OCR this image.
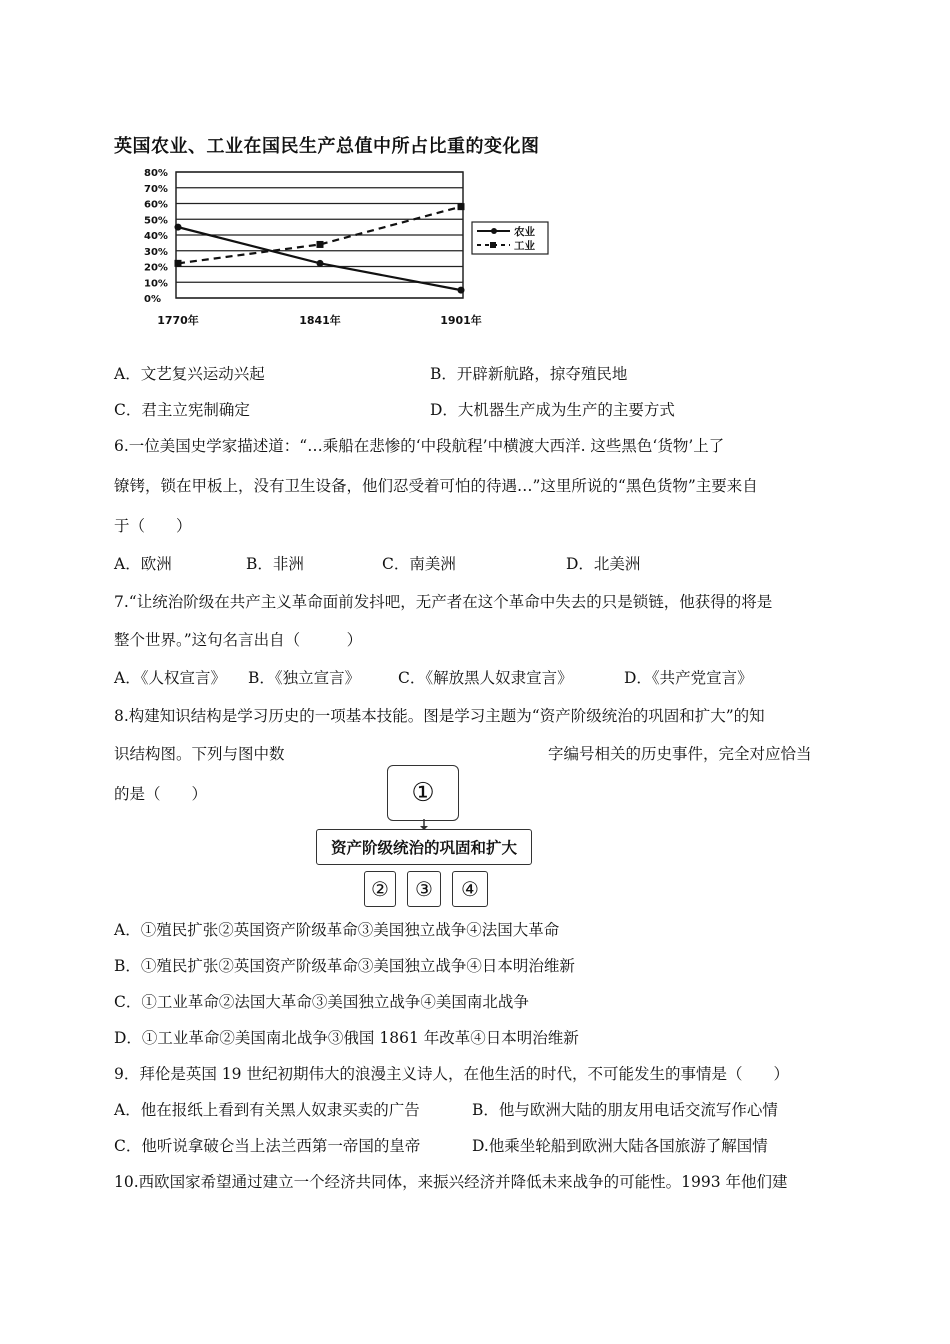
英国农业、工业在国民生产总值中所占比重的变化图
80%
70%
60%
50%
40%
30%
20%
10%
0%
1770年	1841年	1901年
农业
工业
A．文艺复兴运动兴起	B．开辟新航路，掠夺殖民地
C．君主立宪制确定	D．大机器生产成为生产的主要方式
6.一位美国史学家描述道：“…乘船在悲惨的‘中段航程’中横渡大西洋. 这些黑色‘货物’上了
镣铐，锁在甲板上，没有卫生设备，他们忍受着可怕的待遇…”这里所说的“黑色货物”主要来自
于（　　）
A．欧洲	B．非洲	C．南美洲	D．北美洲
7.“让统治阶级在共产主义革命面前发抖吧，无产者在这个革命中失去的只是锁链，他获得的将是
整个世界。”这句名言出自（　　　）
A．《人权宣言》 B．《独立宣言》 C．《解放黑人奴隶宣言》	D．《共产党宣言》
8.构建知识结构是学习历史的一项基本技能。图是学习主题为“资产阶级统治的巩固和扩大”的知
识结构图。下列与图中数	字编号相关的历史事件，完全对应恰当
的是（　　）	①
资产阶级统治的巩固和扩大
②	③	④
A．①殖民扩张②英国资产阶级革命③美国独立战争④法国大革命
B．①殖民扩张②英国资产阶级革命③美国独立战争④日本明治维新
C．①工业革命②法国大革命③美国独立战争④美国南北战争
D．①工业革命②美国南北战争③俄国 1861 年改革④日本明治维新
9．拜伦是英国 19 世纪初期伟大的浪漫主义诗人，在他生活的时代，不可能发生的事情是（　　）
A．他在报纸上看到有关黑人奴隶买卖的广告	B．他与欧洲大陆的朋友用电话交流写作心情
C．他听说拿破仑当上法兰西第一帝国的皇帝	D.他乘坐轮船到欧洲大陆各国旅游了解国情
10.西欧国家希望通过建立一个经济共同体，来振兴经济并降低未来战争的可能性。1993 年他们建
